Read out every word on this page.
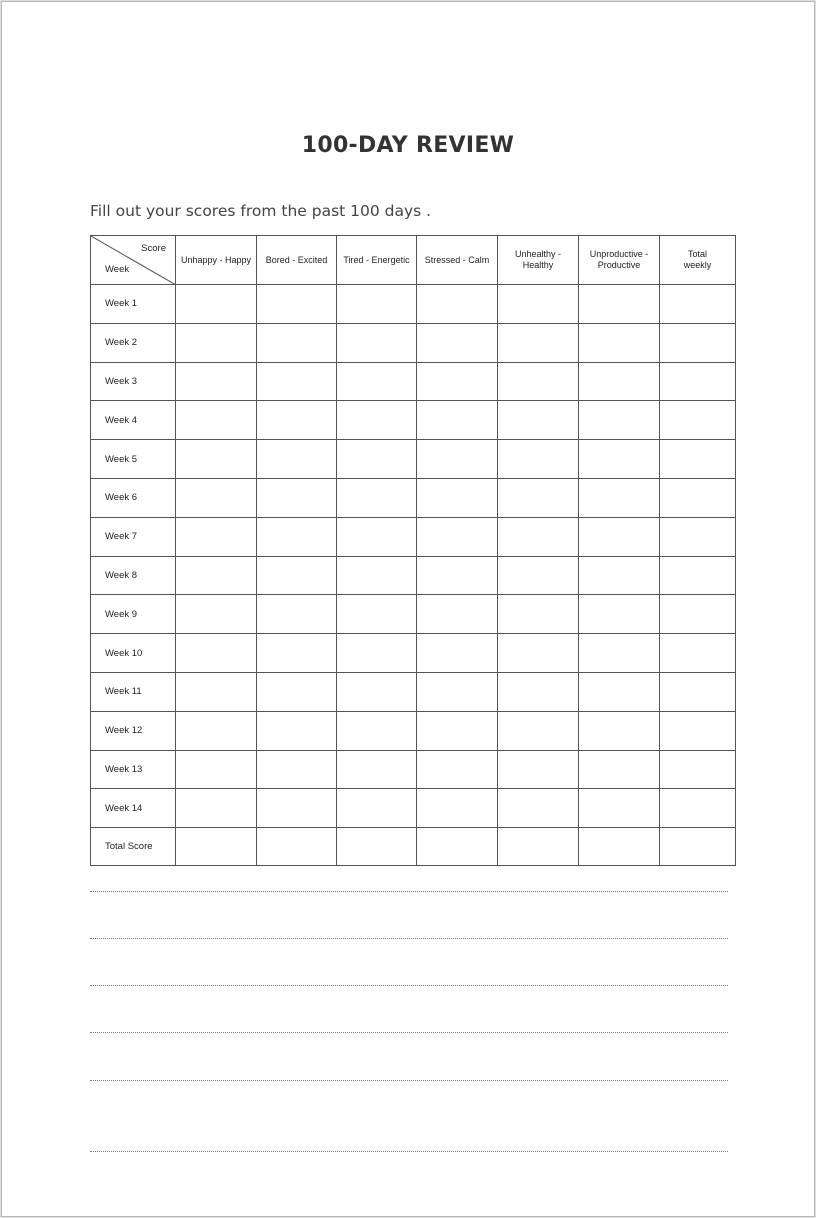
100-DAY REVIEW
Fill out your scores from the past 100 days .
Score
Week	Unhappy - Happy	Bored - Excited	Tired - Energetic	Stressed - Calm	Unhealthy - Healthy	Unproductive - Productive	Total weekly

Week 1							
Week 2							
Week 3							
Week 4							
Week 5							
Week 6							
Week 7							
Week 8							
Week 9							
Week 10							
Week 11							
Week 12							
Week 13							
Week 14							
Total Score							
